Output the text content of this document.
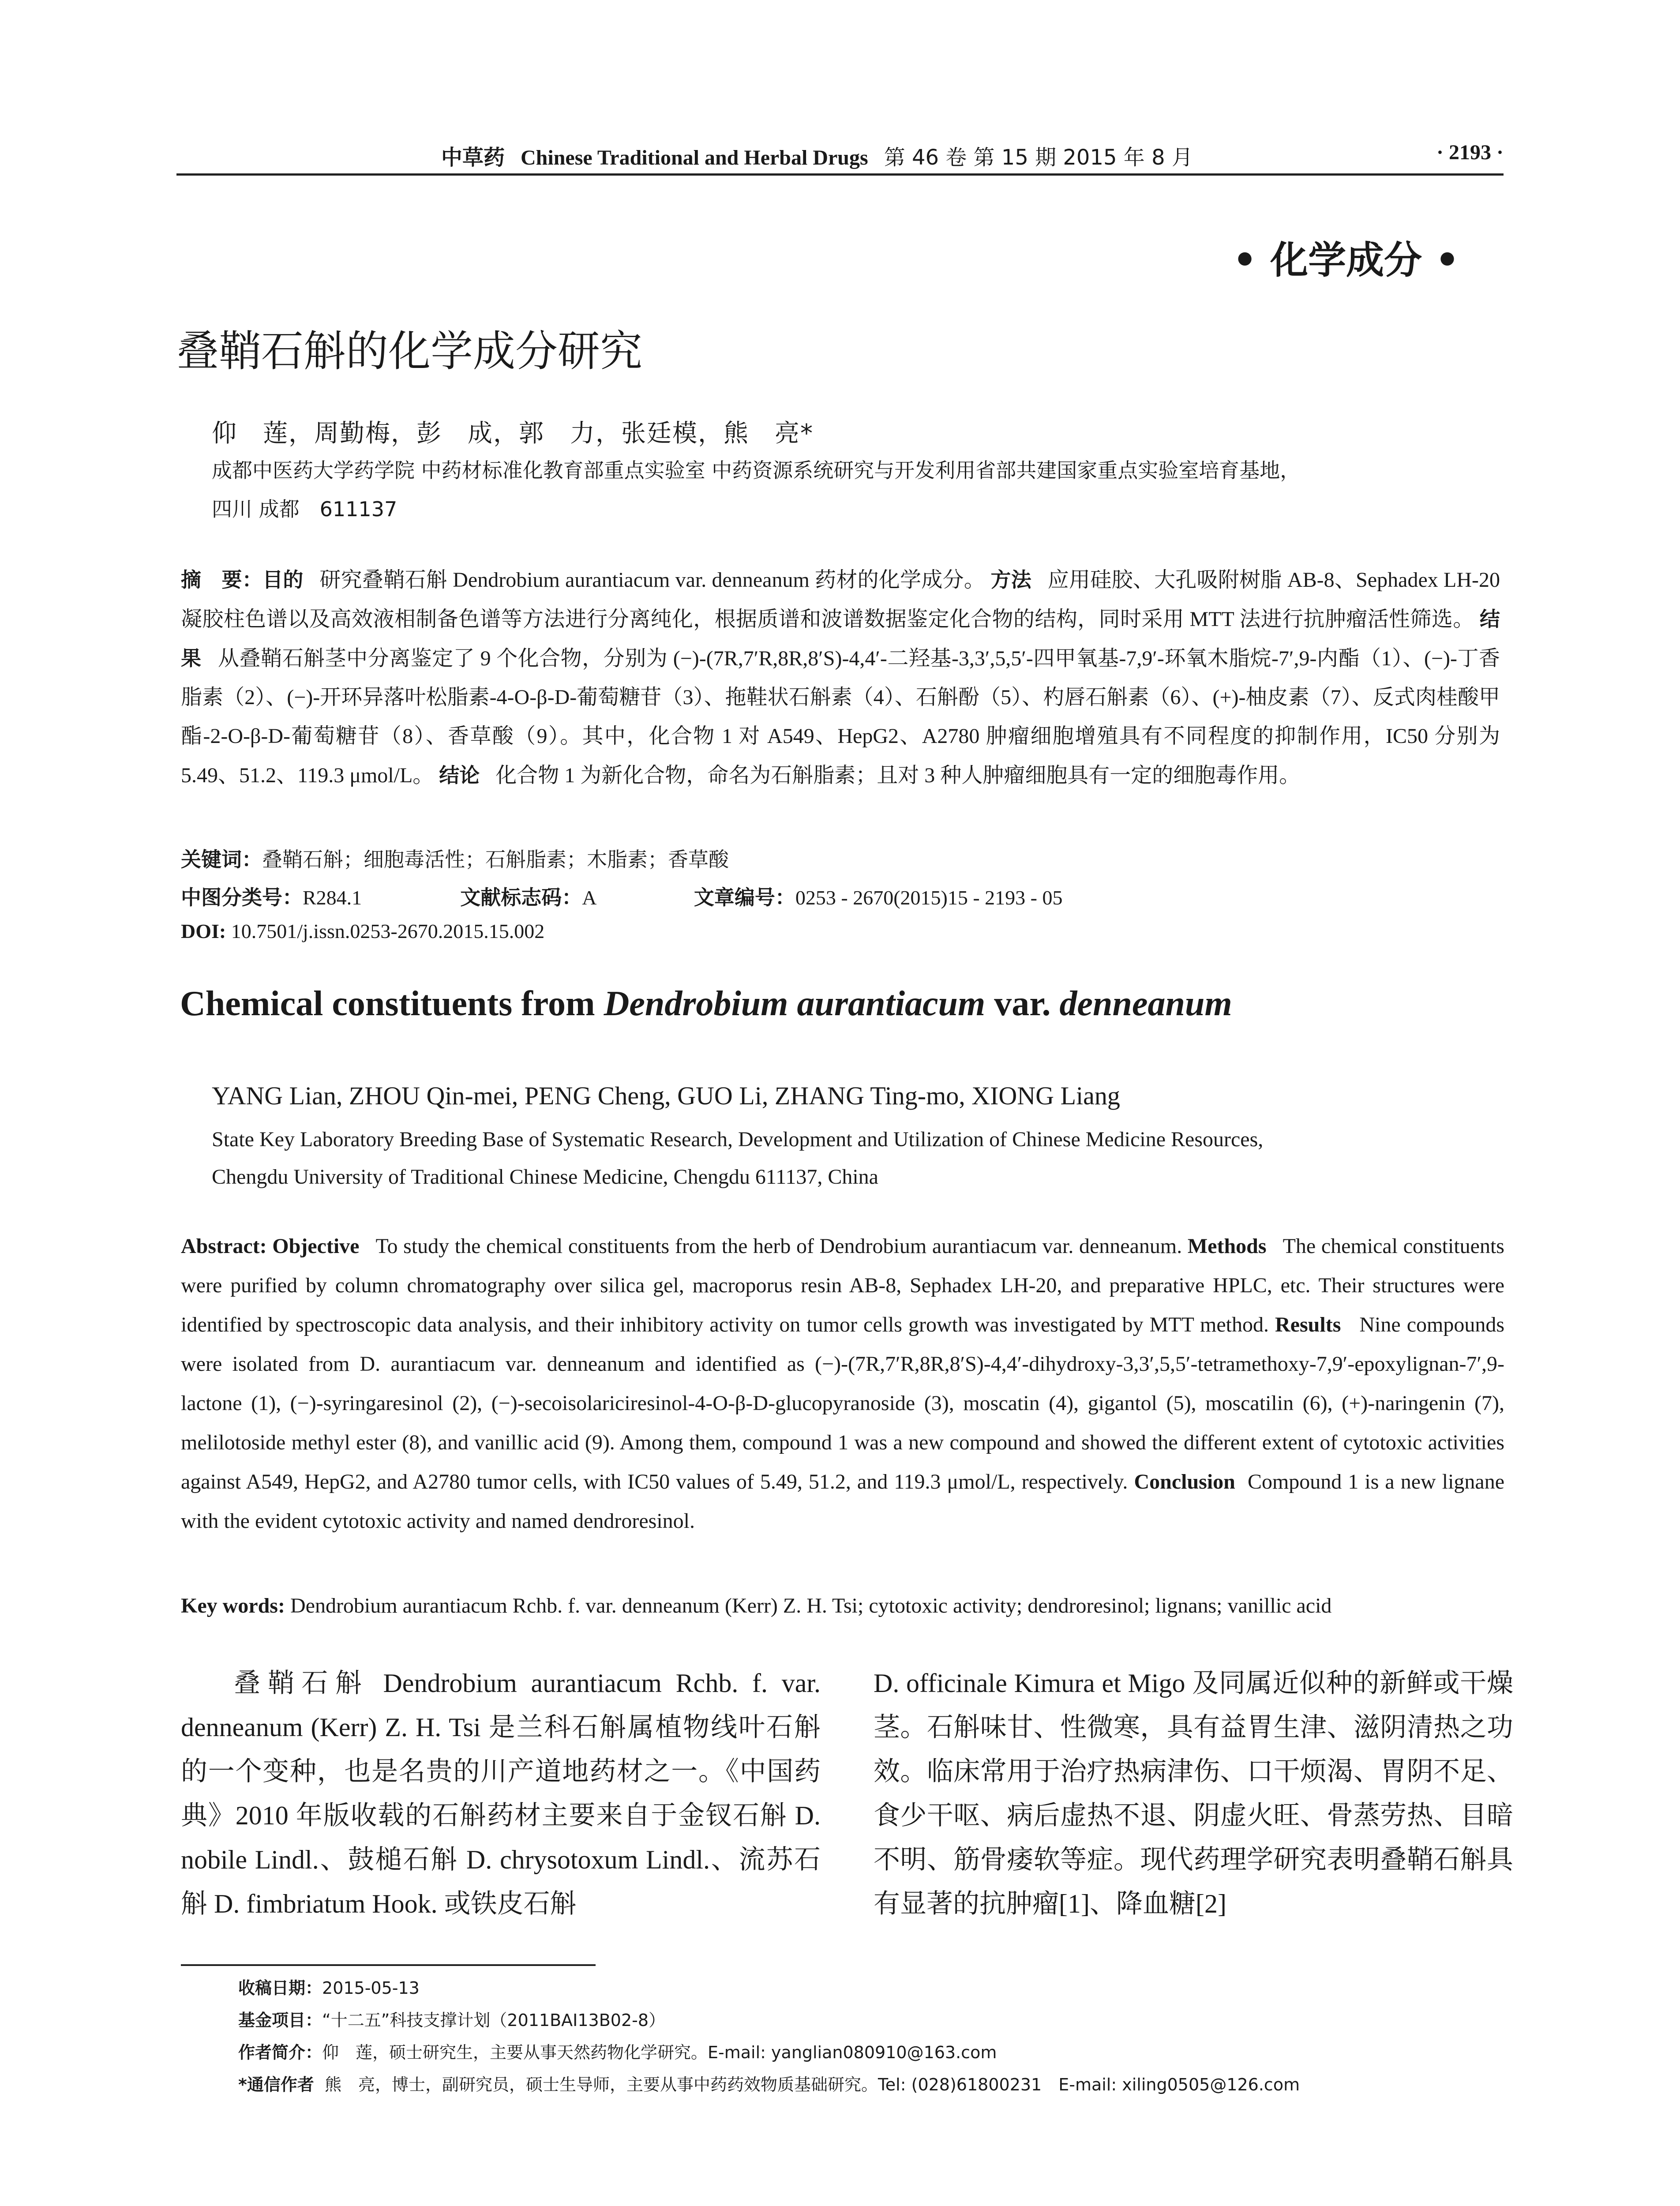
中草药 Chinese Traditional and Herbal Drugs 第 46 卷 第 15 期 2015 年 8 月	· 2193 ·
• 化学成分 •
叠鞘石斛的化学成分研究
仰　莲，周勤梅，彭　成，郭　力，张廷模，熊　亮*
成都中医药大学药学院 中药材标准化教育部重点实验室 中药资源系统研究与开发利用省部共建国家重点实验室培育基地，
四川 成都　611137
摘　要：目的 研究叠鞘石斛 Dendrobium aurantiacum var. denneanum 药材的化学成分。 方法 应用硅胶、大孔吸附树脂 AB-8、Sephadex LH-20 凝胶柱色谱以及高效液相制备色谱等方法进行分离纯化，根据质谱和波谱数据鉴定化合物的结构，同时采用 MTT 法进行抗肿瘤活性筛选。 结果 从叠鞘石斛茎中分离鉴定了 9 个化合物，分别为 (−)-(7R,7′R,8R,8′S)-4,4′-二羟基-3,3′,5,5′-四甲氧基-7,9′-环氧木脂烷-7′,9-内酯（1）、(−)-丁香脂素（2）、(−)-开环异落叶松脂素-4-O-β-D-葡萄糖苷（3）、拖鞋状石斛素（4）、石斛酚（5）、杓唇石斛素（6）、(+)-柚皮素（7）、反式肉桂酸甲酯-2-O-β-D-葡萄糖苷（8）、香草酸（9）。其中，化合物 1 对 A549、HepG2、A2780 肿瘤细胞增殖具有不同程度的抑制作用，IC50 分别为 5.49、51.2、119.3 μmol/L。 结论 化合物 1 为新化合物，命名为石斛脂素；且对 3 种人肿瘤细胞具有一定的细胞毒作用。
关键词：叠鞘石斛；细胞毒活性；石斛脂素；木脂素；香草酸
中图分类号：R284.1	文献标志码：A	文章编号：0253 - 2670(2015)15 - 2193 - 05
DOI: 10.7501/j.issn.0253-2670.2015.15.002
Chemical constituents from Dendrobium aurantiacum var. denneanum
YANG Lian, ZHOU Qin-mei, PENG Cheng, GUO Li, ZHANG Ting-mo, XIONG Liang
State Key Laboratory Breeding Base of Systematic Research, Development and Utilization of Chinese Medicine Resources,
Chengdu University of Traditional Chinese Medicine, Chengdu 611137, China
Abstract: Objective To study the chemical constituents from the herb of Dendrobium aurantiacum var. denneanum. Methods The chemical constituents were purified by column chromatography over silica gel, macroporus resin AB-8, Sephadex LH-20, and preparative HPLC, etc. Their structures were identified by spectroscopic data analysis, and their inhibitory activity on tumor cells growth was investigated by MTT method. Results Nine compounds were isolated from D. aurantiacum var. denneanum and identified as (−)-(7R,7′R,8R,8′S)-4,4′-dihydroxy-3,3′,5,5′-tetramethoxy-7,9′-epoxylignan-7′,9-lactone (1), (−)-syringaresinol (2), (−)-secoisolariciresinol-4-O-β-D-glucopyranoside (3), moscatin (4), gigantol (5), moscatilin (6), (+)-naringenin (7), melilotoside methyl ester (8), and vanillic acid (9). Among them, compound 1 was a new compound and showed the different extent of cytotoxic activities against A549, HepG2, and A2780 tumor cells, with IC50 values of 5.49, 51.2, and 119.3 μmol/L, respectively. Conclusion Compound 1 is a new lignane with the evident cytotoxic activity and named dendroresinol.
Key words: Dendrobium aurantiacum Rchb. f. var. denneanum (Kerr) Z. H. Tsi; cytotoxic activity; dendroresinol; lignans; vanillic acid
叠鞘石斛 Dendrobium aurantiacum Rchb. f. var. denneanum (Kerr) Z. H. Tsi 是兰科石斛属植物线叶石斛的一个变种，也是名贵的川产道地药材之一。《中国药典》2010 年版收载的石斛药材主要来自于金钗石斛 D. nobile Lindl.、鼓槌石斛 D. chrysotoxum Lindl.、流苏石斛 D. fimbriatum Hook. 或铁皮石斛
D. officinale Kimura et Migo 及同属近似种的新鲜或干燥茎。石斛味甘、性微寒，具有益胃生津、滋阴清热之功效。临床常用于治疗热病津伤、口干烦渴、胃阴不足、食少干呕、病后虚热不退、阴虚火旺、骨蒸劳热、目暗不明、筋骨痿软等症。现代药理学研究表明叠鞘石斛具有显著的抗肿瘤[1]、降血糖[2]
收稿日期：2015-05-13
基金项目：“十二五”科技支撑计划（2011BAI13B02-8）
作者简介：仰　莲，硕士研究生，主要从事天然药物化学研究。E-mail: yanglian080910@163.com
*通信作者 熊　亮，博士，副研究员，硕士生导师，主要从事中药药效物质基础研究。Tel: (028)61800231　E-mail: xiling0505@126.com
